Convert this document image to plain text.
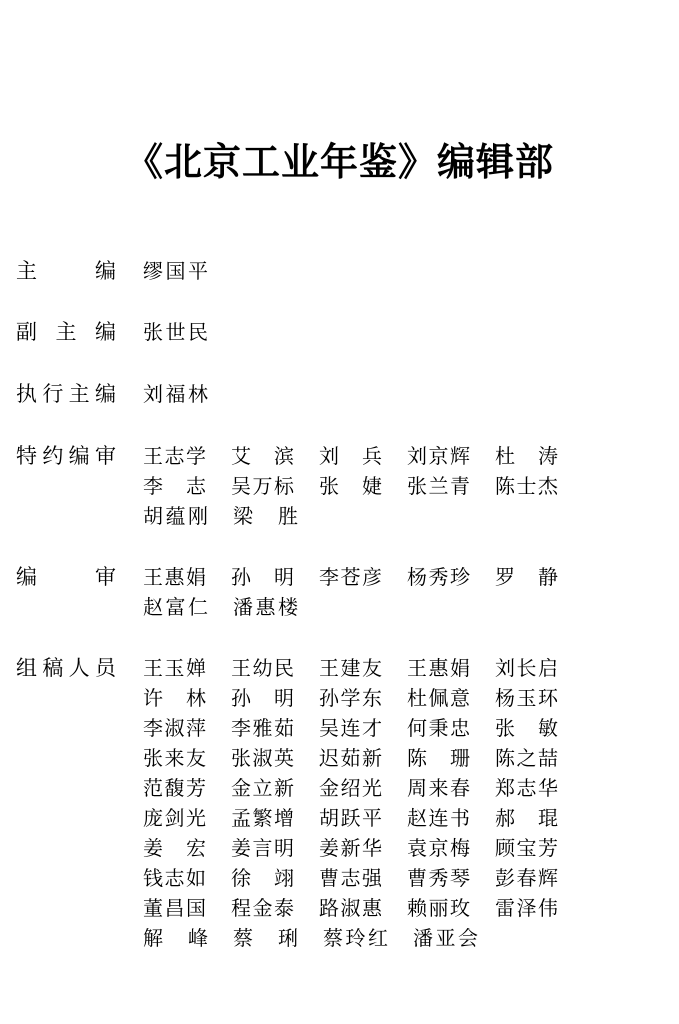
《北京工业年鉴》编辑部
主	编 缪 国 平
副 主 编 张 世 民
执 行 主 编 刘 福 林
特 约 编 审 王 志 学 艾 滨 刘 兵 刘 京 辉 杜 涛
李 志 吴 万 标 张 婕 张 兰 青 陈 士 杰
胡 蕴 刚 梁 胜
编	审 王 惠 娟 孙 明 李 苍 彦 杨 秀 珍 罗 静
赵 富 仁 潘 惠 楼
组 稿 人 员 王 玉 婵 王 幼 民 王 建 友 王 惠 娟 刘 长 启
许 林 孙 明 孙 学 东 杜 佩 意 杨 玉 环
李 淑 萍 李 雅 茹 吴 连 才 何 秉 忠 张 敏
张 来 友 张 淑 英 迟 茹 新 陈 珊 陈 之 喆
范 馥 芳 金 立 新 金 绍 光 周 来 春 郑 志 华
庞 剑 光 孟 繁 增 胡 跃 平 赵 连 书 郝 琨
姜 宏 姜 言 明 姜 新 华 袁 京 梅 顾 宝 芳
钱 志 如 徐 翊 曹 志 强 曹 秀 琴 彭 春 辉
董 昌 国 程 金 泰 路 淑 惠 赖 丽 玫 雷 泽 伟
解 峰 蔡 琍 蔡 玲 红 潘 亚 会
